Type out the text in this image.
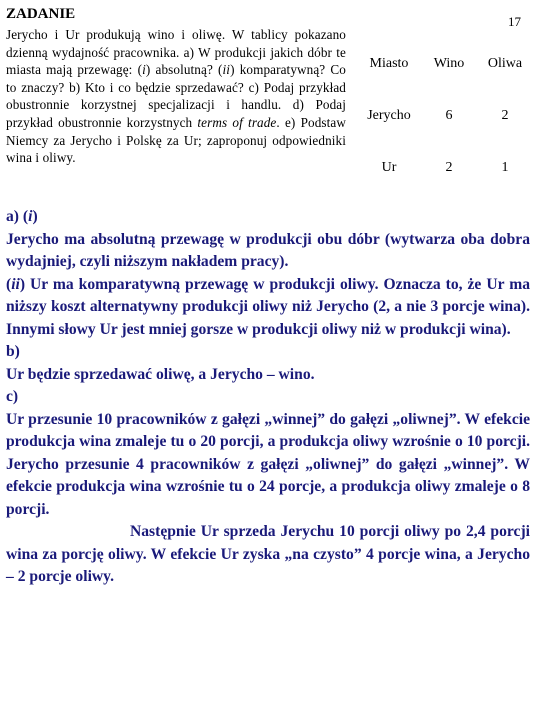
ZADANIE	17
Jerycho i Ur produkują wino i oliwę. W tablicy pokazano dzienną wydajność pracownika. a) W produkcji jakich dóbr te miasta mają przewagę: (i) absolutną? (ii) komparatywną? Co to znaczy? b) Kto i co będzie sprzedawać? c) Podaj przykład obustronnie korzystnej specjalizacji i handlu. d) Podaj przykład obustronnie korzystnych terms of trade. e) Podstaw Niemcy za Jerycho i Polskę za Ur; zaproponuj odpowiedniki wina i oliwy.
Miasto	Wino	Oliwa
Jerycho	6	2
Ur	2	1
a) (i)
Jerycho ma absolutną przewagę w produkcji obu dóbr (wytwarza oba dobra wydajniej, czyli niższym nakładem pracy).
(ii) Ur ma komparatywną przewagę w produkcji oliwy. Oznacza to, że Ur ma niższy koszt alternatywny produkcji oliwy niż Jerycho (2, a nie 3 porcje wina). Innymi słowy Ur jest mniej gorsze w produkcji oliwy niż w produkcji wina).
b)
Ur będzie sprzedawać oliwę, a Jerycho – wino.
c)
Ur przesunie 10 pracowników z gałęzi „winnej” do gałęzi „oliwnej”. W efekcie produkcja wina zmaleje tu o 20 porcji, a produkcja oliwy wzrośnie o 10 porcji. Jerycho przesunie 4 pracowników z gałęzi „oliwnej” do gałęzi „winnej”. W efekcie produkcja wina wzrośnie tu o 24 porcje, a produkcja oliwy zmaleje o 8 porcji.
Następnie Ur sprzeda Jerychu 10 porcji oliwy po 2,4 porcji wina za porcję oliwy. W efekcie Ur zyska „na czysto” 4 porcje wina, a Jerycho – 2 porcje oliwy.
